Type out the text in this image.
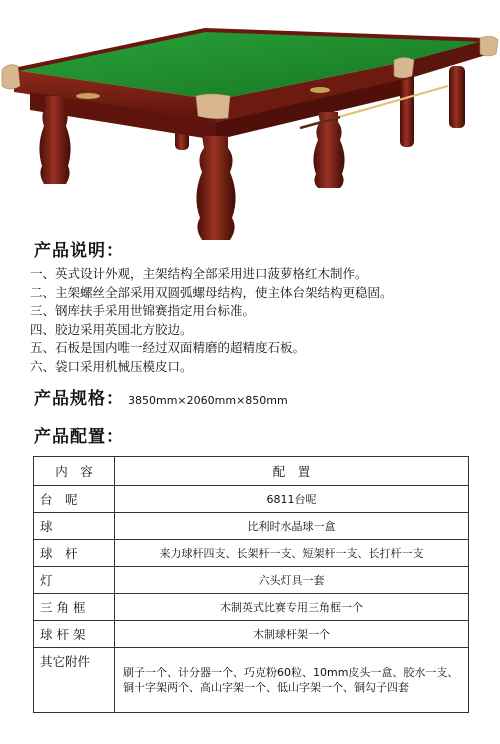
产品说明：
一、英式设计外观，主架结构全部采用进口菠萝格红木制作。
二、主架螺丝全部采用双圆弧螺母结构，使主体台架结构更稳固。
三、钢库扶手采用世锦赛指定用台标准。
四、胶边采用英国北方胶边。
五、石板是国内唯一经过双面精磨的超精度石板。
六、袋口采用机械压模皮口。
产品规格： 3850mm×2060mm×850mm
产品配置：
内　容	配　置
台　呢	6811台呢
球	比利时水晶球一盒
球　杆	来力球杆四支、长架杆一支、短架杆一支、长打杆一支
灯	六头灯具一套
三 角 框	木制英式比赛专用三角框一个
球 杆 架	木制球杆架一个
其它附件	刷子一个、计分器一个、巧克粉60粒、10mm皮头一盒、胶水一支、铜十字架两个、高山字架一个、低山字架一个、铜勾子四套
